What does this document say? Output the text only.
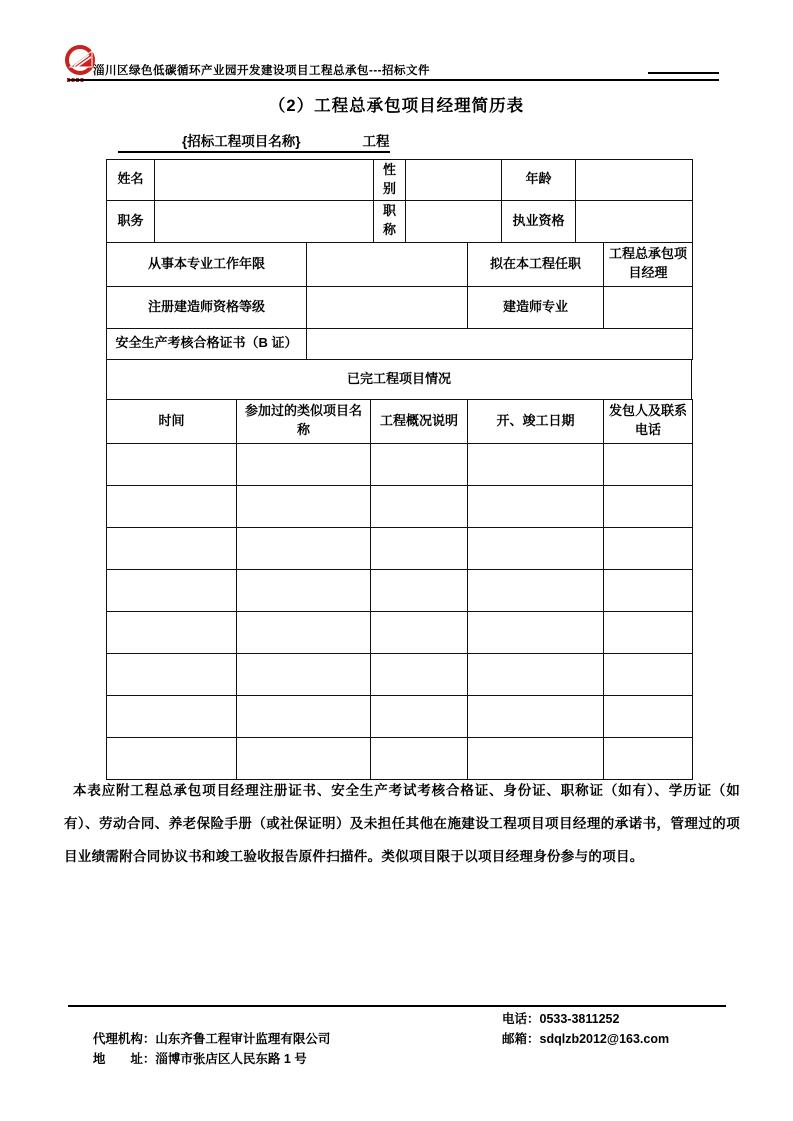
淄川区绿色低碳循环产业园开发建设项目工程总承包---招标文件
（2）工程总承包项目经理简历表
{招标工程项目名称}	工程
姓名		性别		年龄	
职务		职称		执业资格	
从事本专业工作年限		拟在本工程任职	工程总承包项目经理
注册建造师资格等级		建造师专业	
安全生产考核合格证书（B 证）	
已完工程项目情况
时间	参加过的类似项目名称	工程概况说明	开、竣工日期	发包人及联系电话

本表应附工程总承包项目经理注册证书、安全生产考试考核合格证、身份证、职称证（如有）、学历证（如有）、劳动合同、养老保险手册（或社保证明）及未担任其他在施建设工程项目项目经理的承诺书，管理过的项目业绩需附合同协议书和竣工验收报告原件扫描件。类似项目限于以项目经理身份参与的项目。

代理机构：山东齐鲁工程审计监理有限公司

电话：0533-3811252

地　　址：淄博市张店区人民东路 1 号

邮箱：sdqlzb2012@163.com
